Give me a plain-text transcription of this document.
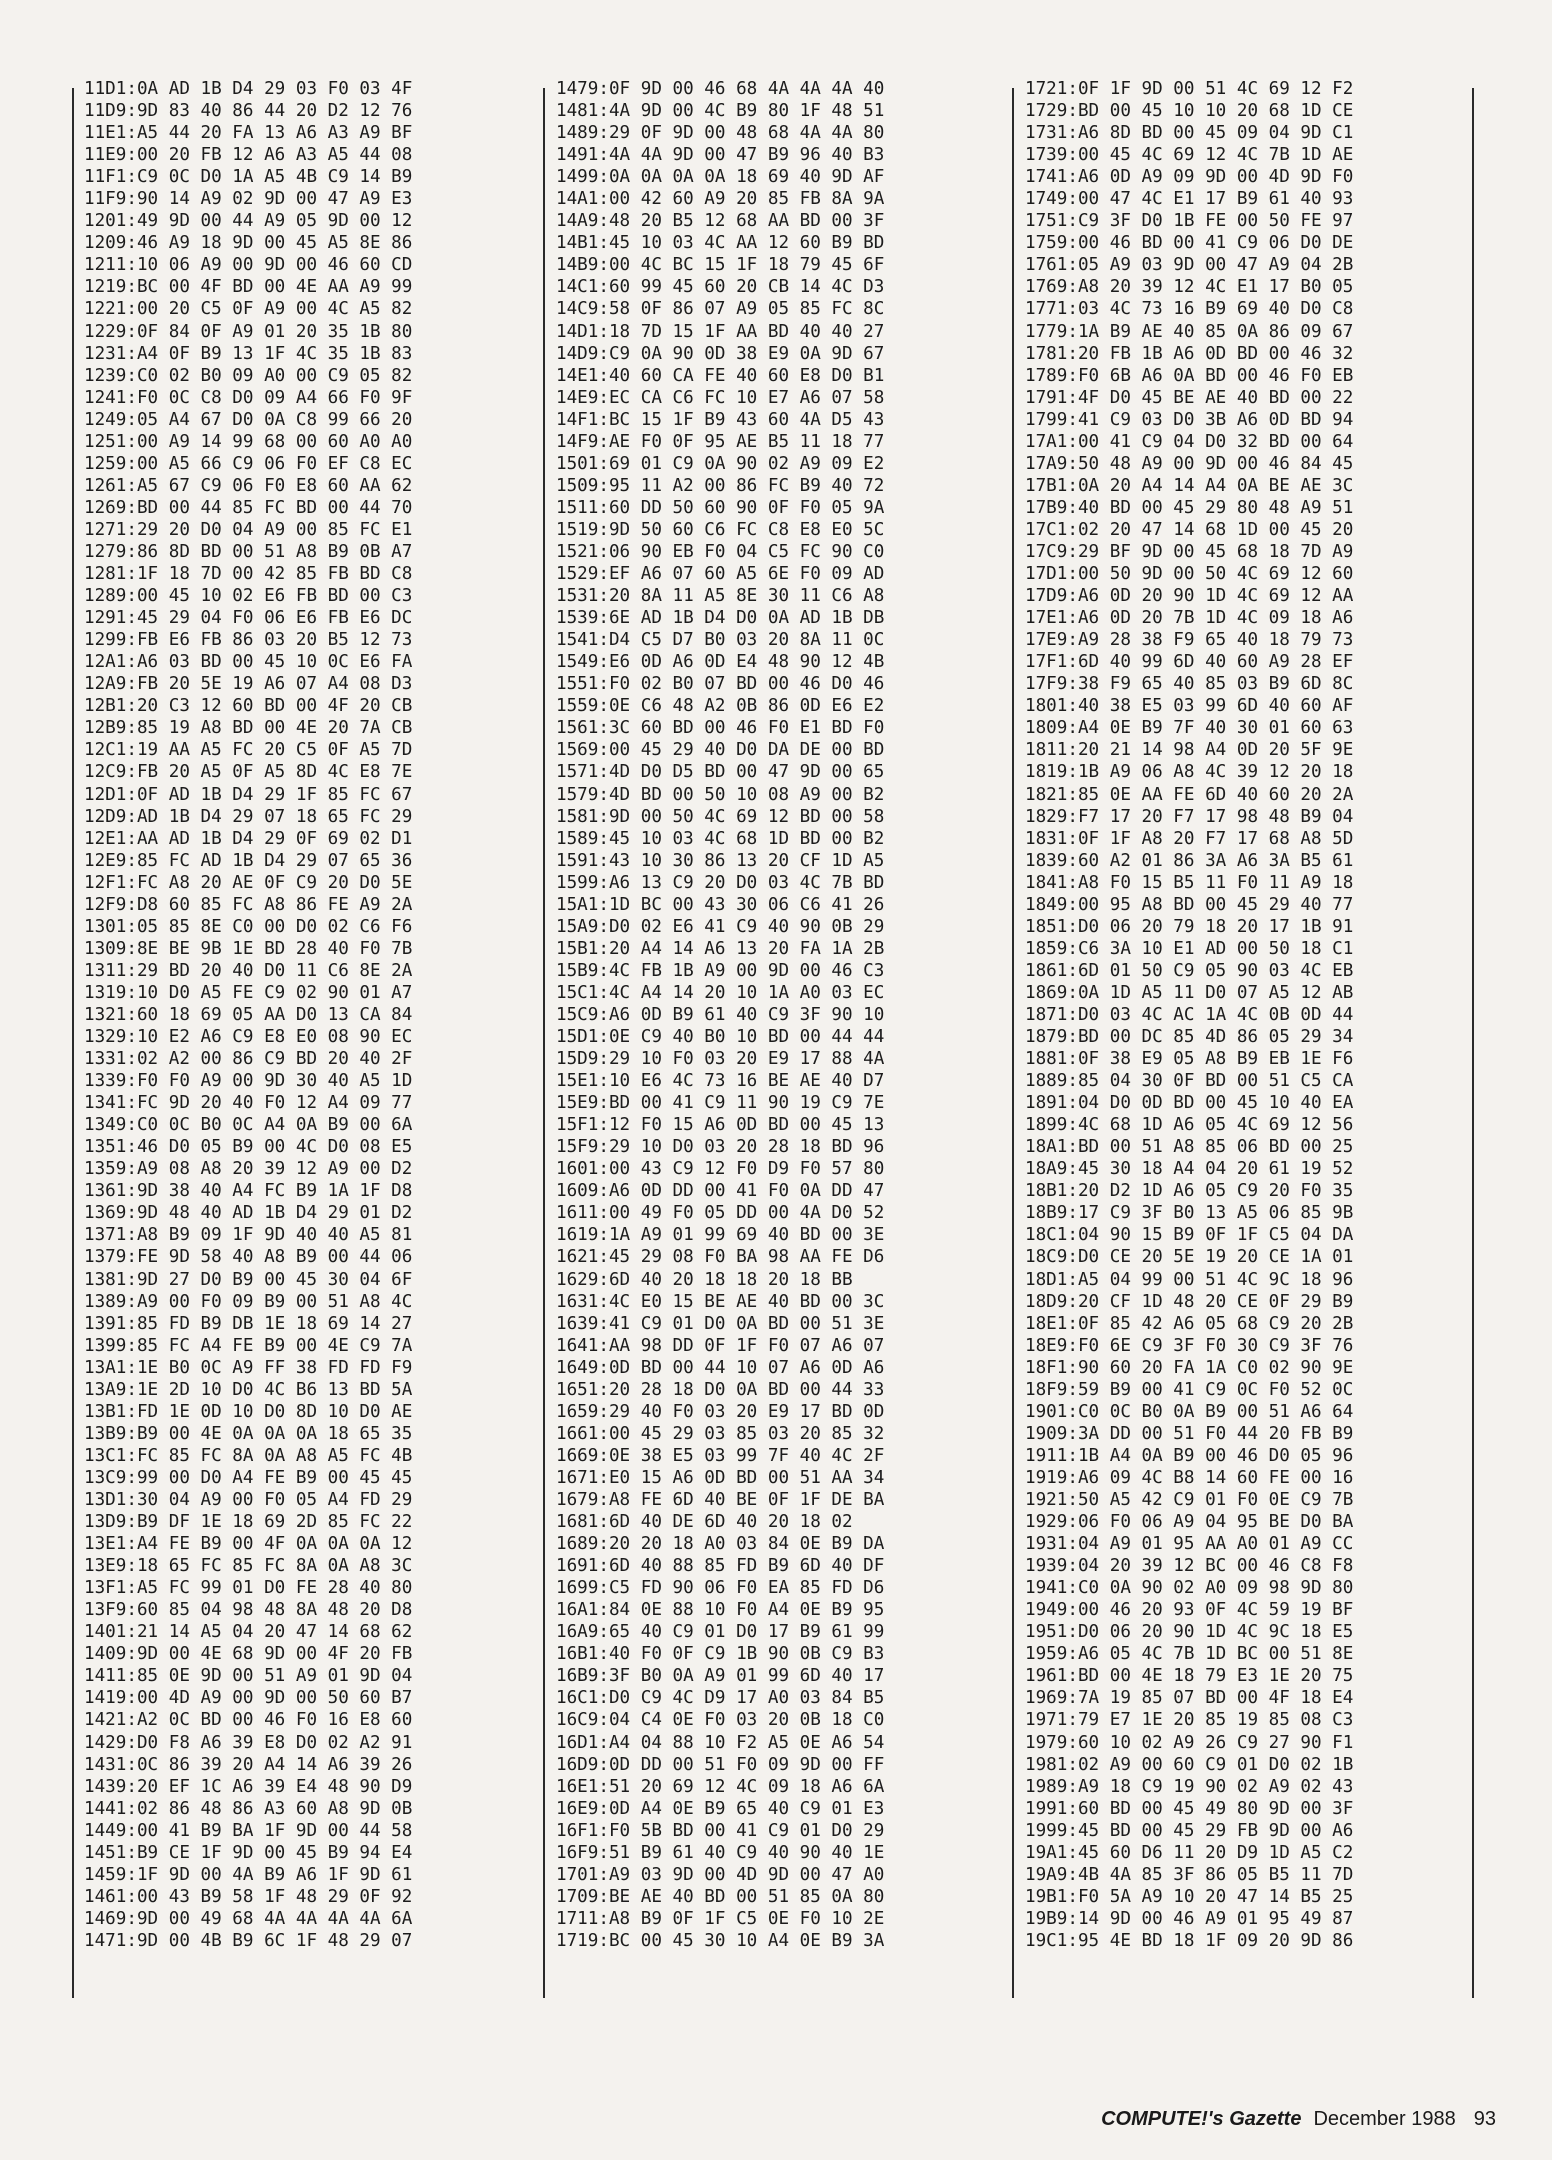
11D1:0A AD 1B D4 29 03 F0 03 4F
11D9:9D 83 40 86 44 20 D2 12 76
11E1:A5 44 20 FA 13 A6 A3 A9 BF
11E9:00 20 FB 12 A6 A3 A5 44 08
11F1:C9 0C D0 1A A5 4B C9 14 B9
11F9:90 14 A9 02 9D 00 47 A9 E3
1201:49 9D 00 44 A9 05 9D 00 12
1209:46 A9 18 9D 00 45 A5 8E 86
1211:10 06 A9 00 9D 00 46 60 CD
1219:BC 00 4F BD 00 4E AA A9 99
1221:00 20 C5 0F A9 00 4C A5 82
1229:0F 84 0F A9 01 20 35 1B 80
1231:A4 0F B9 13 1F 4C 35 1B 83
1239:C0 02 B0 09 A0 00 C9 05 82
1241:F0 0C C8 D0 09 A4 66 F0 9F
1249:05 A4 67 D0 0A C8 99 66 20
1251:00 A9 14 99 68 00 60 A0 A0
1259:00 A5 66 C9 06 F0 EF C8 EC
1261:A5 67 C9 06 F0 E8 60 AA 62
1269:BD 00 44 85 FC BD 00 44 70
1271:29 20 D0 04 A9 00 85 FC E1
1279:86 8D BD 00 51 A8 B9 0B A7
1281:1F 18 7D 00 42 85 FB BD C8
1289:00 45 10 02 E6 FB BD 00 C3
1291:45 29 04 F0 06 E6 FB E6 DC
1299:FB E6 FB 86 03 20 B5 12 73
12A1:A6 03 BD 00 45 10 0C E6 FA
12A9:FB 20 5E 19 A6 07 A4 08 D3
12B1:20 C3 12 60 BD 00 4F 20 CB
12B9:85 19 A8 BD 00 4E 20 7A CB
12C1:19 AA A5 FC 20 C5 0F A5 7D
12C9:FB 20 A5 0F A5 8D 4C E8 7E
12D1:0F AD 1B D4 29 1F 85 FC 67
12D9:AD 1B D4 29 07 18 65 FC 29
12E1:AA AD 1B D4 29 0F 69 02 D1
12E9:85 FC AD 1B D4 29 07 65 36
12F1:FC A8 20 AE 0F C9 20 D0 5E
12F9:D8 60 85 FC A8 86 FE A9 2A
1301:05 85 8E C0 00 D0 02 C6 F6
1309:8E BE 9B 1E BD 28 40 F0 7B
1311:29 BD 20 40 D0 11 C6 8E 2A
1319:10 D0 A5 FE C9 02 90 01 A7
1321:60 18 69 05 AA D0 13 CA 84
1329:10 E2 A6 C9 E8 E0 08 90 EC
1331:02 A2 00 86 C9 BD 20 40 2F
1339:F0 F0 A9 00 9D 30 40 A5 1D
1341:FC 9D 20 40 F0 12 A4 09 77
1349:C0 0C B0 0C A4 0A B9 00 6A
1351:46 D0 05 B9 00 4C D0 08 E5
1359:A9 08 A8 20 39 12 A9 00 D2
1361:9D 38 40 A4 FC B9 1A 1F D8
1369:9D 48 40 AD 1B D4 29 01 D2
1371:A8 B9 09 1F 9D 40 40 A5 81
1379:FE 9D 58 40 A8 B9 00 44 06
1381:9D 27 D0 B9 00 45 30 04 6F
1389:A9 00 F0 09 B9 00 51 A8 4C
1391:85 FD B9 DB 1E 18 69 14 27
1399:85 FC A4 FE B9 00 4E C9 7A
13A1:1E B0 0C A9 FF 38 FD FD F9
13A9:1E 2D 10 D0 4C B6 13 BD 5A
13B1:FD 1E 0D 10 D0 8D 10 D0 AE
13B9:B9 00 4E 0A 0A 0A 18 65 35
13C1:FC 85 FC 8A 0A A8 A5 FC 4B
13C9:99 00 D0 A4 FE B9 00 45 45
13D1:30 04 A9 00 F0 05 A4 FD 29
13D9:B9 DF 1E 18 69 2D 85 FC 22
13E1:A4 FE B9 00 4F 0A 0A 0A 12
13E9:18 65 FC 85 FC 8A 0A A8 3C
13F1:A5 FC 99 01 D0 FE 28 40 80
13F9:60 85 04 98 48 8A 48 20 D8
1401:21 14 A5 04 20 47 14 68 62
1409:9D 00 4E 68 9D 00 4F 20 FB
1411:85 0E 9D 00 51 A9 01 9D 04
1419:00 4D A9 00 9D 00 50 60 B7
1421:A2 0C BD 00 46 F0 16 E8 60
1429:D0 F8 A6 39 E8 D0 02 A2 91
1431:0C 86 39 20 A4 14 A6 39 26
1439:20 EF 1C A6 39 E4 48 90 D9
1441:02 86 48 86 A3 60 A8 9D 0B
1449:00 41 B9 BA 1F 9D 00 44 58
1451:B9 CE 1F 9D 00 45 B9 94 E4
1459:1F 9D 00 4A B9 A6 1F 9D 61
1461:00 43 B9 58 1F 48 29 0F 92
1469:9D 00 49 68 4A 4A 4A 4A 6A
1471:9D 00 4B B9 6C 1F 48 29 07
1479:0F 9D 00 46 68 4A 4A 4A 40
1481:4A 9D 00 4C B9 80 1F 48 51
1489:29 0F 9D 00 48 68 4A 4A 80
1491:4A 4A 9D 00 47 B9 96 40 B3
1499:0A 0A 0A 0A 18 69 40 9D AF
14A1:00 42 60 A9 20 85 FB 8A 9A
14A9:48 20 B5 12 68 AA BD 00 3F
14B1:45 10 03 4C AA 12 60 B9 BD
14B9:00 4C BC 15 1F 18 79 45 6F
14C1:60 99 45 60 20 CB 14 4C D3
14C9:58 0F 86 07 A9 05 85 FC 8C
14D1:18 7D 15 1F AA BD 40 40 27
14D9:C9 0A 90 0D 38 E9 0A 9D 67
14E1:40 60 CA FE 40 60 E8 D0 B1
14E9:EC CA C6 FC 10 E7 A6 07 58
14F1:BC 15 1F B9 43 60 4A D5 43
14F9:AE F0 0F 95 AE B5 11 18 77
1501:69 01 C9 0A 90 02 A9 09 E2
1509:95 11 A2 00 86 FC B9 40 72
1511:60 DD 50 60 90 0F F0 05 9A
1519:9D 50 60 C6 FC C8 E8 E0 5C
1521:06 90 EB F0 04 C5 FC 90 C0
1529:EF A6 07 60 A5 6E F0 09 AD
1531:20 8A 11 A5 8E 30 11 C6 A8
1539:6E AD 1B D4 D0 0A AD 1B DB
1541:D4 C5 D7 B0 03 20 8A 11 0C
1549:E6 0D A6 0D E4 48 90 12 4B
1551:F0 02 B0 07 BD 00 46 D0 46
1559:0E C6 48 A2 0B 86 0D E6 E2
1561:3C 60 BD 00 46 F0 E1 BD F0
1569:00 45 29 40 D0 DA DE 00 BD
1571:4D D0 D5 BD 00 47 9D 00 65
1579:4D BD 00 50 10 08 A9 00 B2
1581:9D 00 50 4C 69 12 BD 00 58
1589:45 10 03 4C 68 1D BD 00 B2
1591:43 10 30 86 13 20 CF 1D A5
1599:A6 13 C9 20 D0 03 4C 7B BD
15A1:1D BC 00 43 30 06 C6 41 26
15A9:D0 02 E6 41 C9 40 90 0B 29
15B1:20 A4 14 A6 13 20 FA 1A 2B
15B9:4C FB 1B A9 00 9D 00 46 C3
15C1:4C A4 14 20 10 1A A0 03 EC
15C9:A6 0D B9 61 40 C9 3F 90 10
15D1:0E C9 40 B0 10 BD 00 44 44
15D9:29 10 F0 03 20 E9 17 88 4A
15E1:10 E6 4C 73 16 BE AE 40 D7
15E9:BD 00 41 C9 11 90 19 C9 7E
15F1:12 F0 15 A6 0D BD 00 45 13
15F9:29 10 D0 03 20 28 18 BD 96
1601:00 43 C9 12 F0 D9 F0 57 80
1609:A6 0D DD 00 41 F0 0A DD 47
1611:00 49 F0 05 DD 00 4A D0 52
1619:1A A9 01 99 69 40 BD 00 3E
1621:45 29 08 F0 BA 98 AA FE D6
1629:6D 40 20 18 18 20 18 BB
1631:4C E0 15 BE AE 40 BD 00 3C
1639:41 C9 01 D0 0A BD 00 51 3E
1641:AA 98 DD 0F 1F F0 07 A6 07
1649:0D BD 00 44 10 07 A6 0D A6
1651:20 28 18 D0 0A BD 00 44 33
1659:29 40 F0 03 20 E9 17 BD 0D
1661:00 45 29 03 85 03 20 85 32
1669:0E 38 E5 03 99 7F 40 4C 2F
1671:E0 15 A6 0D BD 00 51 AA 34
1679:A8 FE 6D 40 BE 0F 1F DE BA
1681:6D 40 DE 6D 40 20 18 02
1689:20 20 18 A0 03 84 0E B9 DA
1691:6D 40 88 85 FD B9 6D 40 DF
1699:C5 FD 90 06 F0 EA 85 FD D6
16A1:84 0E 88 10 F0 A4 0E B9 95
16A9:65 40 C9 01 D0 17 B9 61 99
16B1:40 F0 0F C9 1B 90 0B C9 B3
16B9:3F B0 0A A9 01 99 6D 40 17
16C1:D0 C9 4C D9 17 A0 03 84 B5
16C9:04 C4 0E F0 03 20 0B 18 C0
16D1:A4 04 88 10 F2 A5 0E A6 54
16D9:0D DD 00 51 F0 09 9D 00 FF
16E1:51 20 69 12 4C 09 18 A6 6A
16E9:0D A4 0E B9 65 40 C9 01 E3
16F1:F0 5B BD 00 41 C9 01 D0 29
16F9:51 B9 61 40 C9 40 90 40 1E
1701:A9 03 9D 00 4D 9D 00 47 A0
1709:BE AE 40 BD 00 51 85 0A 80
1711:A8 B9 0F 1F C5 0E F0 10 2E
1719:BC 00 45 30 10 A4 0E B9 3A
1721:0F 1F 9D 00 51 4C 69 12 F2
1729:BD 00 45 10 10 20 68 1D CE
1731:A6 8D BD 00 45 09 04 9D C1
1739:00 45 4C 69 12 4C 7B 1D AE
1741:A6 0D A9 09 9D 00 4D 9D F0
1749:00 47 4C E1 17 B9 61 40 93
1751:C9 3F D0 1B FE 00 50 FE 97
1759:00 46 BD 00 41 C9 06 D0 DE
1761:05 A9 03 9D 00 47 A9 04 2B
1769:A8 20 39 12 4C E1 17 B0 05
1771:03 4C 73 16 B9 69 40 D0 C8
1779:1A B9 AE 40 85 0A 86 09 67
1781:20 FB 1B A6 0D BD 00 46 32
1789:F0 6B A6 0A BD 00 46 F0 EB
1791:4F D0 45 BE AE 40 BD 00 22
1799:41 C9 03 D0 3B A6 0D BD 94
17A1:00 41 C9 04 D0 32 BD 00 64
17A9:50 48 A9 00 9D 00 46 84 45
17B1:0A 20 A4 14 A4 0A BE AE 3C
17B9:40 BD 00 45 29 80 48 A9 51
17C1:02 20 47 14 68 1D 00 45 20
17C9:29 BF 9D 00 45 68 18 7D A9
17D1:00 50 9D 00 50 4C 69 12 60
17D9:A6 0D 20 90 1D 4C 69 12 AA
17E1:A6 0D 20 7B 1D 4C 09 18 A6
17E9:A9 28 38 F9 65 40 18 79 73
17F1:6D 40 99 6D 40 60 A9 28 EF
17F9:38 F9 65 40 85 03 B9 6D 8C
1801:40 38 E5 03 99 6D 40 60 AF
1809:A4 0E B9 7F 40 30 01 60 63
1811:20 21 14 98 A4 0D 20 5F 9E
1819:1B A9 06 A8 4C 39 12 20 18
1821:85 0E AA FE 6D 40 60 20 2A
1829:F7 17 20 F7 17 98 48 B9 04
1831:0F 1F A8 20 F7 17 68 A8 5D
1839:60 A2 01 86 3A A6 3A B5 61
1841:A8 F0 15 B5 11 F0 11 A9 18
1849:00 95 A8 BD 00 45 29 40 77
1851:D0 06 20 79 18 20 17 1B 91
1859:C6 3A 10 E1 AD 00 50 18 C1
1861:6D 01 50 C9 05 90 03 4C EB
1869:0A 1D A5 11 D0 07 A5 12 AB
1871:D0 03 4C AC 1A 4C 0B 0D 44
1879:BD 00 DC 85 4D 86 05 29 34
1881:0F 38 E9 05 A8 B9 EB 1E F6
1889:85 04 30 0F BD 00 51 C5 CA
1891:04 D0 0D BD 00 45 10 40 EA
1899:4C 68 1D A6 05 4C 69 12 56
18A1:BD 00 51 A8 85 06 BD 00 25
18A9:45 30 18 A4 04 20 61 19 52
18B1:20 D2 1D A6 05 C9 20 F0 35
18B9:17 C9 3F B0 13 A5 06 85 9B
18C1:04 90 15 B9 0F 1F C5 04 DA
18C9:D0 CE 20 5E 19 20 CE 1A 01
18D1:A5 04 99 00 51 4C 9C 18 96
18D9:20 CF 1D 48 20 CE 0F 29 B9
18E1:0F 85 42 A6 05 68 C9 20 2B
18E9:F0 6E C9 3F F0 30 C9 3F 76
18F1:90 60 20 FA 1A C0 02 90 9E
18F9:59 B9 00 41 C9 0C F0 52 0C
1901:C0 0C B0 0A B9 00 51 A6 64
1909:3A DD 00 51 F0 44 20 FB B9
1911:1B A4 0A B9 00 46 D0 05 96
1919:A6 09 4C B8 14 60 FE 00 16
1921:50 A5 42 C9 01 F0 0E C9 7B
1929:06 F0 06 A9 04 95 BE D0 BA
1931:04 A9 01 95 AA A0 01 A9 CC
1939:04 20 39 12 BC 00 46 C8 F8
1941:C0 0A 90 02 A0 09 98 9D 80
1949:00 46 20 93 0F 4C 59 19 BF
1951:D0 06 20 90 1D 4C 9C 18 E5
1959:A6 05 4C 7B 1D BC 00 51 8E
1961:BD 00 4E 18 79 E3 1E 20 75
1969:7A 19 85 07 BD 00 4F 18 E4
1971:79 E7 1E 20 85 19 85 08 C3
1979:60 10 02 A9 26 C9 27 90 F1
1981:02 A9 00 60 C9 01 D0 02 1B
1989:A9 18 C9 19 90 02 A9 02 43
1991:60 BD 00 45 49 80 9D 00 3F
1999:45 BD 00 45 29 FB 9D 00 A6
19A1:45 60 D6 11 20 D9 1D A5 C2
19A9:4B 4A 85 3F 86 05 B5 11 7D
19B1:F0 5A A9 10 20 47 14 B5 25
19B9:14 9D 00 46 A9 01 95 49 87
19C1:95 4E BD 18 1F 09 20 9D 86
COMPUTE!'s Gazette December 1988 93
